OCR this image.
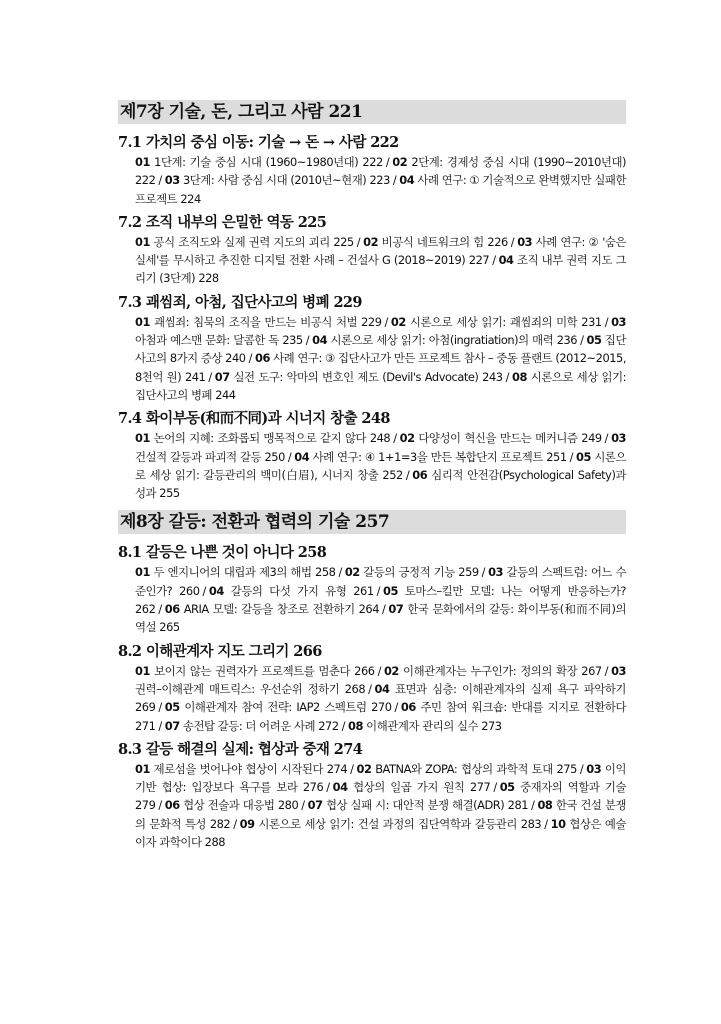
제7장 기술, 돈, 그리고 사람 221
7.1 가치의 중심 이동: 기술 → 돈 → 사람 222
01 1단계: 기술 중심 시대 (1960~1980년대) 222 / 02 2단계: 경제성 중심 시대 (1990~2010년대) 222 / 03 3단계: 사람 중심 시대 (2010년~현재) 223 / 04 사례 연구: ① 기술적으로 완벽했지만 실패한 프로젝트 224
7.2 조직 내부의 은밀한 역동 225
01 공식 조직도와 실제 권력 지도의 괴리 225 / 02 비공식 네트워크의 힘 226 / 03 사례 연구: ② '숨은 실세'를 무시하고 추진한 디지털 전환 사례 – 건설사 G (2018~2019) 227 / 04 조직 내부 권력 지도 그리기 (3단계) 228
7.3 괘씸죄, 아첨, 집단사고의 병폐 229
01 괘씸죄: 침묵의 조직을 만드는 비공식 처벌 229 / 02 시론으로 세상 읽기: 괘씸죄의 미학 231 / 03 아첨과 예스맨 문화: 달콤한 독 235 / 04 시론으로 세상 읽기: 아첨(ingratiation)의 매력 236 / 05 집단사고의 8가지 증상 240 / 06 사례 연구: ③ 집단사고가 만든 프로젝트 참사 – 중동 플랜트 (2012~2015, 8천억 원) 241 / 07 실전 도구: 악마의 변호인 제도 (Devil's Advocate) 243 / 08 시론으로 세상 읽기: 집단사고의 병폐 244
7.4 화이부동(和而不同)과 시너지 창출 248
01 논어의 지혜: 조화롭되 맹목적으로 같지 않다 248 / 02 다양성이 혁신을 만드는 메커니즘 249 / 03 건설적 갈등과 파괴적 갈등 250 / 04 사례 연구: ④ 1+1=3을 만든 복합단지 프로젝트 251 / 05 시론으로 세상 읽기: 갈등관리의 백미(白眉), 시너지 창출 252 / 06 심리적 안전감(Psychological Safety)과 성과 255
제8장 갈등: 전환과 협력의 기술 257
8.1 갈등은 나쁜 것이 아니다 258
01 두 엔지니어의 대립과 제3의 해법 258 / 02 갈등의 긍정적 기능 259 / 03 갈등의 스펙트럼: 어느 수준인가? 260 / 04 갈등의 다섯 가지 유형 261 / 05 토마스–킬만 모델: 나는 어떻게 반응하는가? 262 / 06 ARIA 모델: 갈등을 창조로 전환하기 264 / 07 한국 문화에서의 갈등: 화이부동(和而不同)의 역설 265
8.2 이해관계자 지도 그리기 266
01 보이지 않는 권력자가 프로젝트를 멈춘다 266 / 02 이해관계자는 누구인가: 정의의 확장 267 / 03 권력–이해관계 매트릭스: 우선순위 정하기 268 / 04 표면과 심층: 이해관계자의 실제 욕구 파악하기 269 / 05 이해관계자 참여 전략: IAP2 스펙트럼 270 / 06 주민 참여 워크숍: 반대를 지지로 전환하다 271 / 07 송전탑 갈등: 더 어려운 사례 272 / 08 이해관계자 관리의 실수 273
8.3 갈등 해결의 실제: 협상과 중재 274
01 제로섬을 벗어나야 협상이 시작된다 274 / 02 BATNA와 ZOPA: 협상의 과학적 토대 275 / 03 이익 기반 협상: 입장보다 욕구를 보라 276 / 04 협상의 일곱 가지 원칙 277 / 05 중재자의 역할과 기술 279 / 06 협상 전술과 대응법 280 / 07 협상 실패 시: 대안적 분쟁 해결(ADR) 281 / 08 한국 건설 분쟁의 문화적 특성 282 / 09 시론으로 세상 읽기: 건설 과정의 집단역학과 갈등관리 283 / 10 협상은 예술이자 과학이다 288
